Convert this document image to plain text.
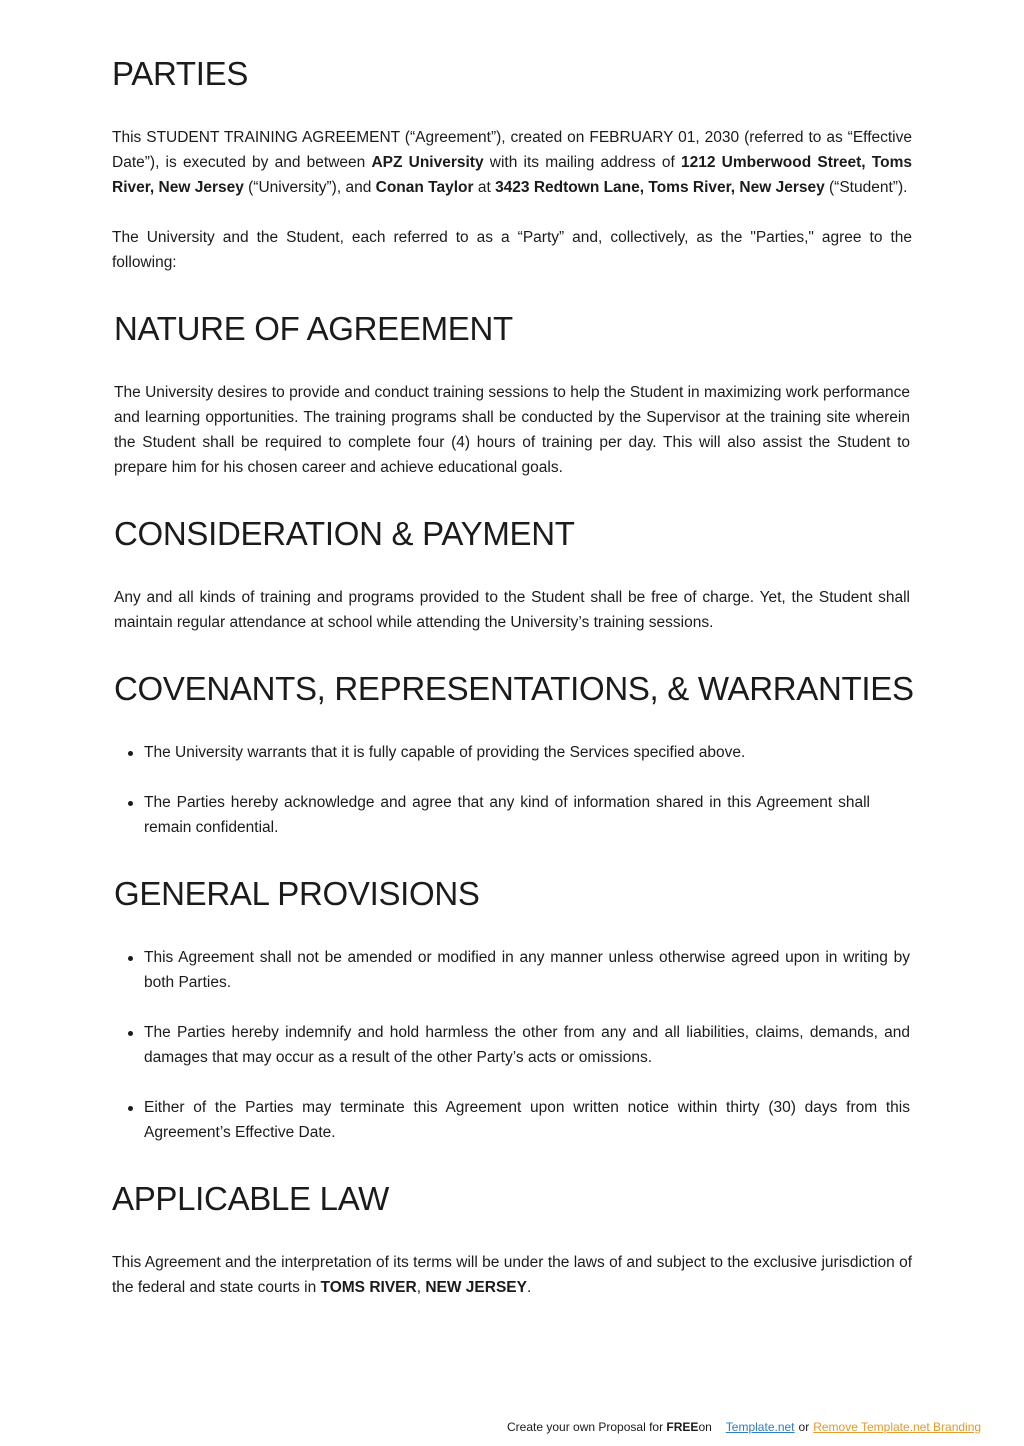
PARTIES

This STUDENT TRAINING AGREEMENT (“Agreement”), created on FEBRUARY 01, 2030 (referred to as “Effective Date”), is executed by and between APZ University with its mailing address of 1212 Umberwood Street, Toms River, New Jersey (“University”), and Conan Taylor at 3423 Redtown Lane, Toms River, New Jersey (“Student”).

The University and the Student, each referred to as a “Party” and, collectively, as the "Parties," agree to the following:

NATURE OF AGREEMENT

The University desires to provide and conduct training sessions to help the Student in maximizing work performance and learning opportunities. The training programs shall be conducted by the Supervisor at the training site wherein the Student shall be required to complete four (4) hours of training per day. This will also assist the Student to prepare him for his chosen career and achieve educational goals.

CONSIDERATION & PAYMENT

Any and all kinds of training and programs provided to the Student shall be free of charge. Yet, the Student shall maintain regular attendance at school while attending the University’s training sessions.

COVENANTS, REPRESENTATIONS, & WARRANTIES
The University warrants that it is fully capable of providing the Services specified above.
The Parties hereby acknowledge and agree that any kind of information shared in this Agreement shall remain confidential.
GENERAL PROVISIONS
This Agreement shall not be amended or modified in any manner unless otherwise agreed upon in writing by both Parties.
The Parties hereby indemnify and hold harmless the other from any and all liabilities, claims, demands, and damages that may occur as a result of the other Party’s acts or omissions.
Either of the Parties may terminate this Agreement upon written notice within thirty (30) days from this Agreement’s Effective Date.
APPLICABLE LAW

This Agreement and the interpretation of its terms will be under the laws of and subject to the exclusive jurisdiction of the federal and state courts in TOMS RIVER, NEW JERSEY.

Create your own Proposal for FREEon Template.net or Remove Template.net Branding
